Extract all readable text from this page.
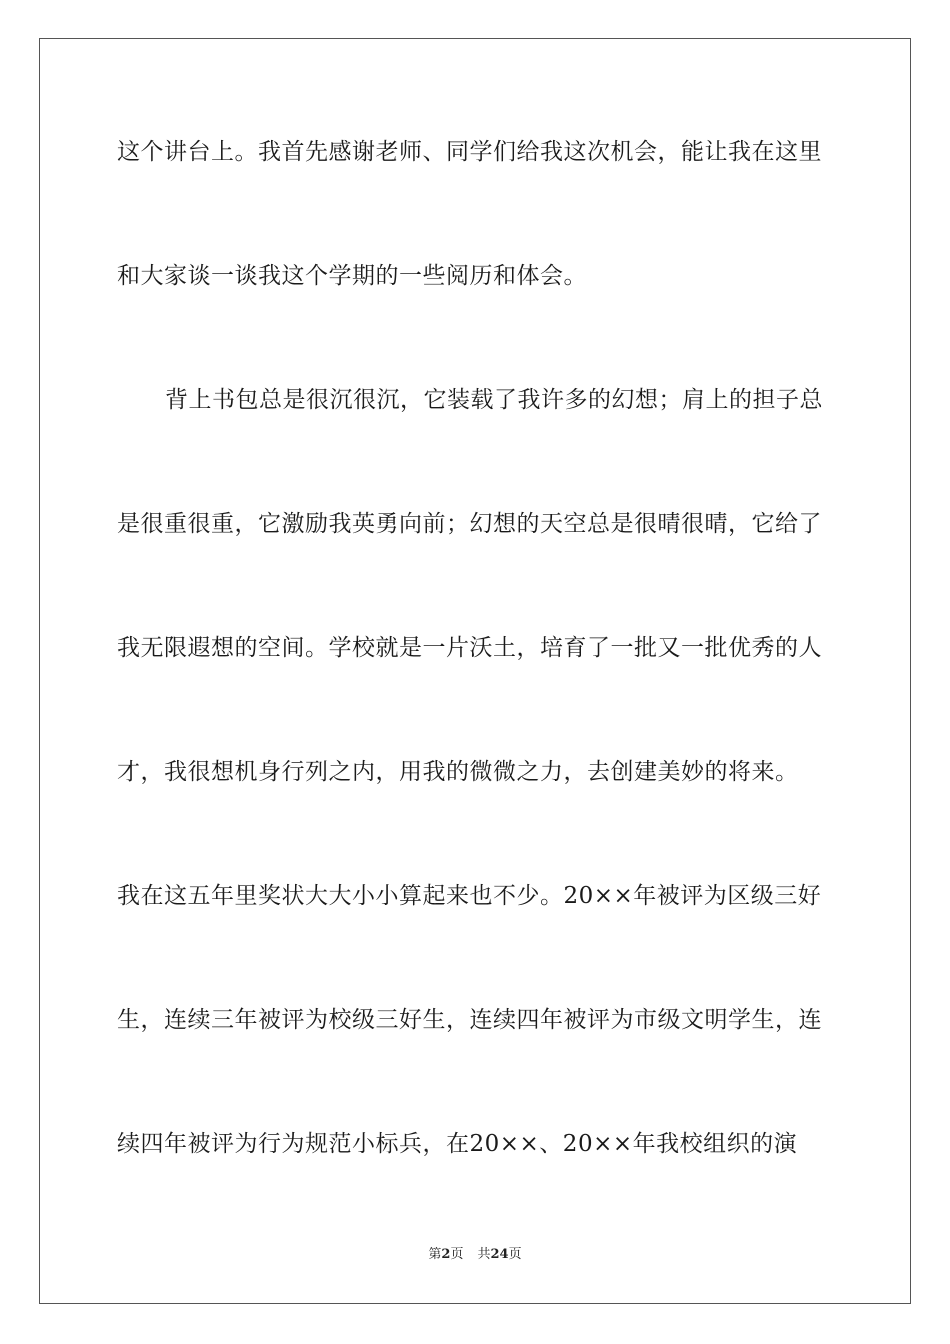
这个讲台上。我首先感谢老师、同学们给我这次机会，能让我在这里
和大家谈一谈我这个学期的一些阅历和体会。
背上书包总是很沉很沉，它装载了我许多的幻想；肩上的担子总
是很重很重，它激励我英勇向前；幻想的天空总是很晴很晴，它给了
我无限遐想的空间。学校就是一片沃土，培育了一批又一批优秀的人
才，我很想机身行列之内，用我的微微之力，去创建美妙的将来。
我在这五年里奖状大大小小算起来也不少。20××年被评为区级三好
生，连续三年被评为校级三好生，连续四年被评为市级文明学生，连
续四年被评为行为规范小标兵，在20××、20××年我校组织的演
第2页 共24页
